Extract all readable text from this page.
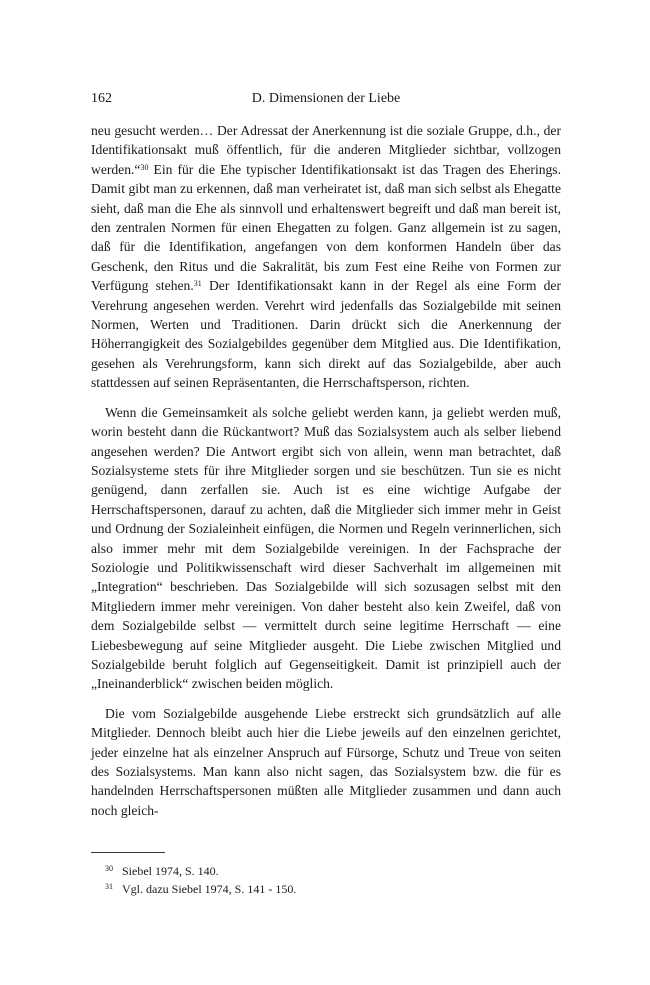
162	D. Dimensionen der Liebe

neu gesucht werden… Der Adressat der Anerkennung ist die soziale Gruppe, d.h., der Identifikationsakt muß öffentlich, für die anderen Mitglieder sichtbar, vollzogen werden.“$^{30}$ Ein für die Ehe typischer Identifikationsakt ist das Tragen des Eherings. Damit gibt man zu erkennen, daß man verheiratet ist, daß man sich selbst als Ehegatte sieht, daß man die Ehe als sinnvoll und erhaltenswert begreift und daß man bereit ist, den zentralen Normen für einen Ehegatten zu folgen. Ganz allgemein ist zu sagen, daß für die Identifikation, angefangen von dem konformen Handeln über das Geschenk, den Ritus und die Sakralität, bis zum Fest eine Reihe von Formen zur Verfügung stehen.$^{31}$ Der Identifikationsakt kann in der Regel als eine Form der Verehrung angesehen werden. Verehrt wird jedenfalls das Sozialgebilde mit seinen Normen, Werten und Traditionen. Darin drückt sich die Anerkennung der Höherrangigkeit des Sozialgebildes gegenüber dem Mitglied aus. Die Identifikation, gesehen als Verehrungsform, kann sich direkt auf das Sozialgebilde, aber auch stattdessen auf seinen Repräsentanten, die Herrschaftsperson, richten.

Wenn die Gemeinsamkeit als solche geliebt werden kann, ja geliebt werden muß, worin besteht dann die Rückantwort? Muß das Sozialsystem auch als selber liebend angesehen werden? Die Antwort ergibt sich von allein, wenn man betrachtet, daß Sozialsysteme stets für ihre Mitglieder sorgen und sie beschützen. Tun sie es nicht genügend, dann zerfallen sie. Auch ist es eine wichtige Aufgabe der Herrschaftspersonen, darauf zu achten, daß die Mitglieder sich immer mehr in Geist und Ordnung der Sozialeinheit einfügen, die Normen und Regeln verinnerlichen, sich also immer mehr mit dem Sozialgebilde vereinigen. In der Fachsprache der Soziologie und Politikwissenschaft wird dieser Sachverhalt im allgemeinen mit „Integration“ beschrieben. Das Sozialgebilde will sich sozusagen selbst mit den Mitgliedern immer mehr vereinigen. Von daher besteht also kein Zweifel, daß von dem Sozialgebilde selbst — vermittelt durch seine legitime Herrschaft — eine Liebesbewegung auf seine Mitglieder ausgeht. Die Liebe zwischen Mitglied und Sozialgebilde beruht folglich auf Gegenseitigkeit. Damit ist prinzipiell auch der „Ineinanderblick“ zwischen beiden möglich.

Die vom Sozialgebilde ausgehende Liebe erstreckt sich grundsätzlich auf alle Mitglieder. Dennoch bleibt auch hier die Liebe jeweils auf den einzelnen gerichtet, jeder einzelne hat als einzelner Anspruch auf Fürsorge, Schutz und Treue von seiten des Sozialsystems. Man kann also nicht sagen, das Sozialsystem bzw. die für es handelnden Herrschaftspersonen müßten alle Mitglieder zusammen und dann auch noch gleich-

$^{30}$ Siebel 1974, S. 140.
$^{31}$ Vgl. dazu Siebel 1974, S. 141 - 150.
